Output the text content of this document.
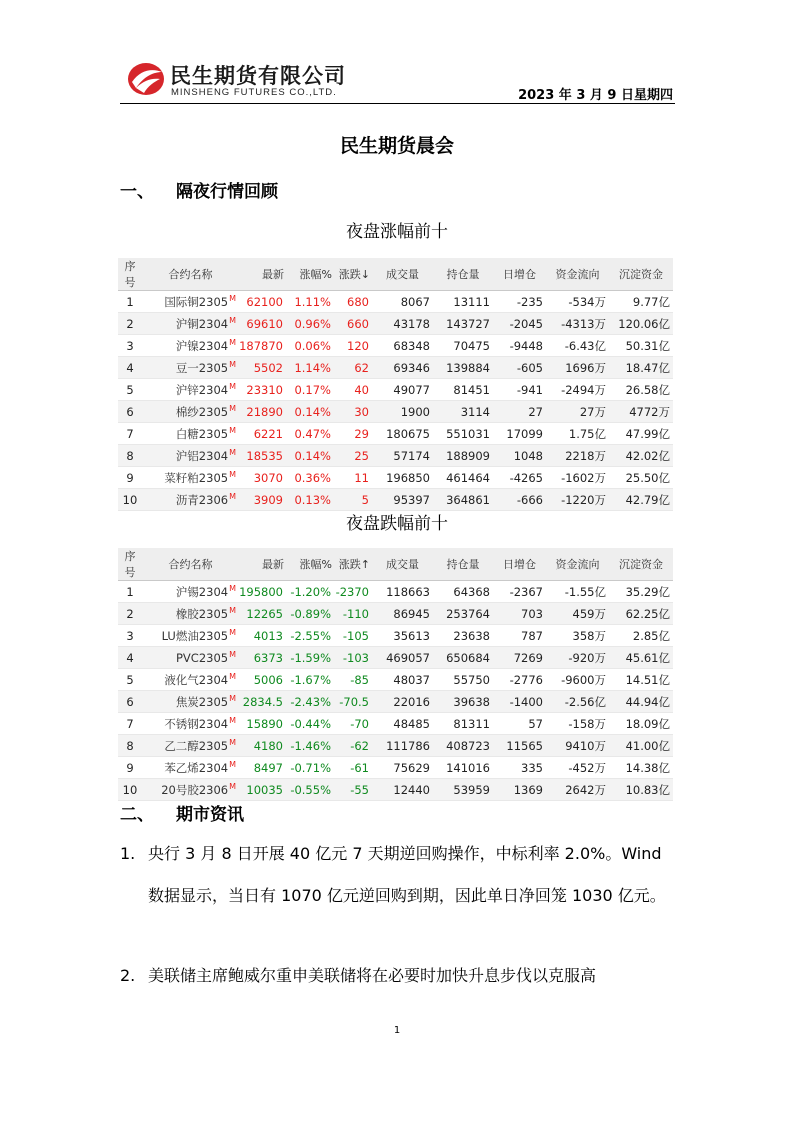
民生期货有限公司
MINSHENG FUTURES CO.,LTD.	2023 年 3 月 9 日星期四
民生期货晨会
一、 隔夜行情回顾
夜盘涨幅前十
序号	合约名称	最新	涨幅%	涨跌↓	成交量	持仓量	日增仓	资金流向	沉淀资金
1	国际铜$2305^M$	62100	1.11%	680	8067	13111	-235	-534万	9.77亿
2	沪铜$2304^M$	69610	0.96%	660	43178	143727	-2045	-4313万	120.06亿
3	沪镍$2304^M$	187870	0.06%	120	68348	70475	-9448	-6.43亿	50.31亿
4	豆一$2305^M$	5502	1.14%	62	69346	139884	-605	1696万	18.47亿
5	沪锌$2304^M$	23310	0.17%	40	49077	81451	-941	-2494万	26.58亿
6	棉纱$2305^M$	21890	0.14%	30	1900	3114	27	27万	4772万
7	白糖$2305^M$	6221	0.47%	29	180675	551031	17099	1.75亿	47.99亿
8	沪铝$2304^M$	18535	0.14%	25	57174	188909	1048	2218万	42.02亿
9	菜籽粕$2305^M$	3070	0.36%	11	196850	461464	-4265	-1602万	25.50亿
10	沥青$2306^M$	3909	0.13%	5	95397	364861	-666	-1220万	42.79亿
夜盘跌幅前十
序号	合约名称	最新	涨幅%	涨跌↑	成交量	持仓量	日增仓	资金流向	沉淀资金
1	沪锡$2304^M$	195800	-1.20%	-2370	118663	64368	-2367	-1.55亿	35.29亿
2	橡胶$2305^M$	12265	-0.89%	-110	86945	253764	703	459万	62.25亿
3	LU燃油$2305^M$	4013	-2.55%	-105	35613	23638	787	358万	2.85亿
4	$PVC2305^M$	6373	-1.59%	-103	469057	650684	7269	-920万	45.61亿
5	液化气$2304^M$	5006	-1.67%	-85	48037	55750	-2776	-9600万	14.51亿
6	焦炭$2305^M$	2834.5	-2.43%	-70.5	22016	39638	-1400	-2.56亿	44.94亿
7	不锈钢$2304^M$	15890	-0.44%	-70	48485	81311	57	-158万	18.09亿
8	乙二醇$2305^M$	4180	-1.46%	-62	111786	408723	11565	9410万	41.00亿
9	苯乙烯$2304^M$	8497	-0.71%	-61	75629	141016	335	-452万	14.38亿
10	20号胶$2306^M$	10035	-0.55%	-55	12440	53959	1369	2642万	10.83亿
二、 期市资讯
1. 央行 3 月 8 日开展 40 亿元 7 天期逆回购操作，中标利率 2.0%。Wind 数据显示，当日有 1070 亿元逆回购到期，因此单日净回笼 1030 亿元。
2. 美联储主席鲍威尔重申美联储将在必要时加快升息步伐以克服高
1
